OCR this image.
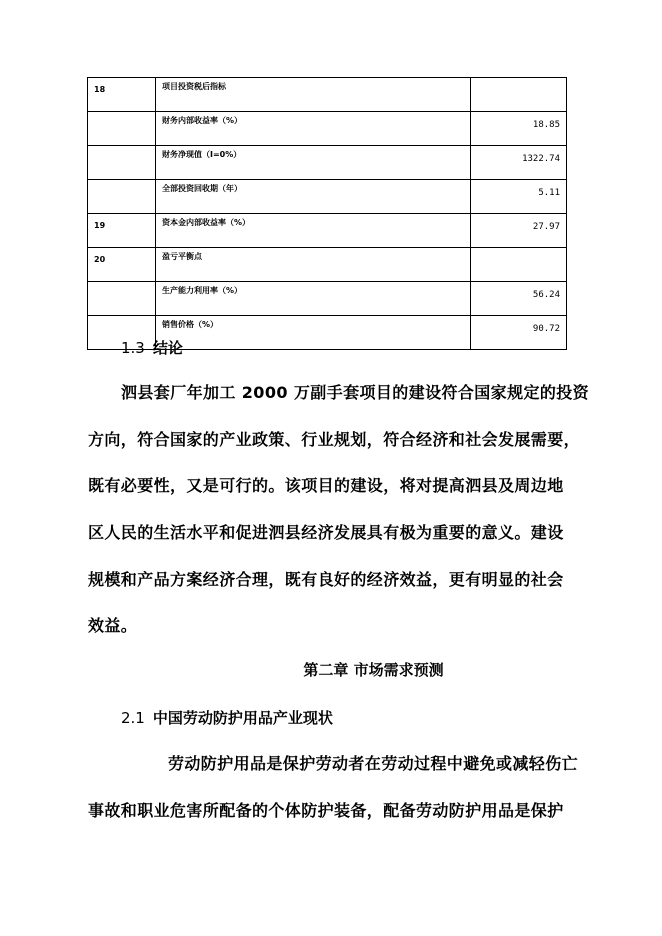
18	项目投资税后指标	
	财务内部收益率（%）	18.85
	财务净现值（I=0%）	1322.74
	全部投资回收期（年）	5.11
19	资本金内部收益率（%）	27.97
20	盈亏平衡点	
	生产能力利用率（%）	56.24
	销售价格（%）	90.72
1.3 结论
泗县套厂年加工 2000 万副手套项目的建设符合国家规定的投资
方向，符合国家的产业政策、行业规划，符合经济和社会发展需要，
既有必要性，又是可行的。该项目的建设，将对提高泗县及周边地
区人民的生活水平和促进泗县经济发展具有极为重要的意义。建设
规模和产品方案经济合理，既有良好的经济效益，更有明显的社会
效益。
第二章 市场需求预测
2.1 中国劳动防护用品产业现状
劳动防护用品是保护劳动者在劳动过程中避免或减轻伤亡
事故和职业危害所配备的个体防护装备，配备劳动防护用品是保护
